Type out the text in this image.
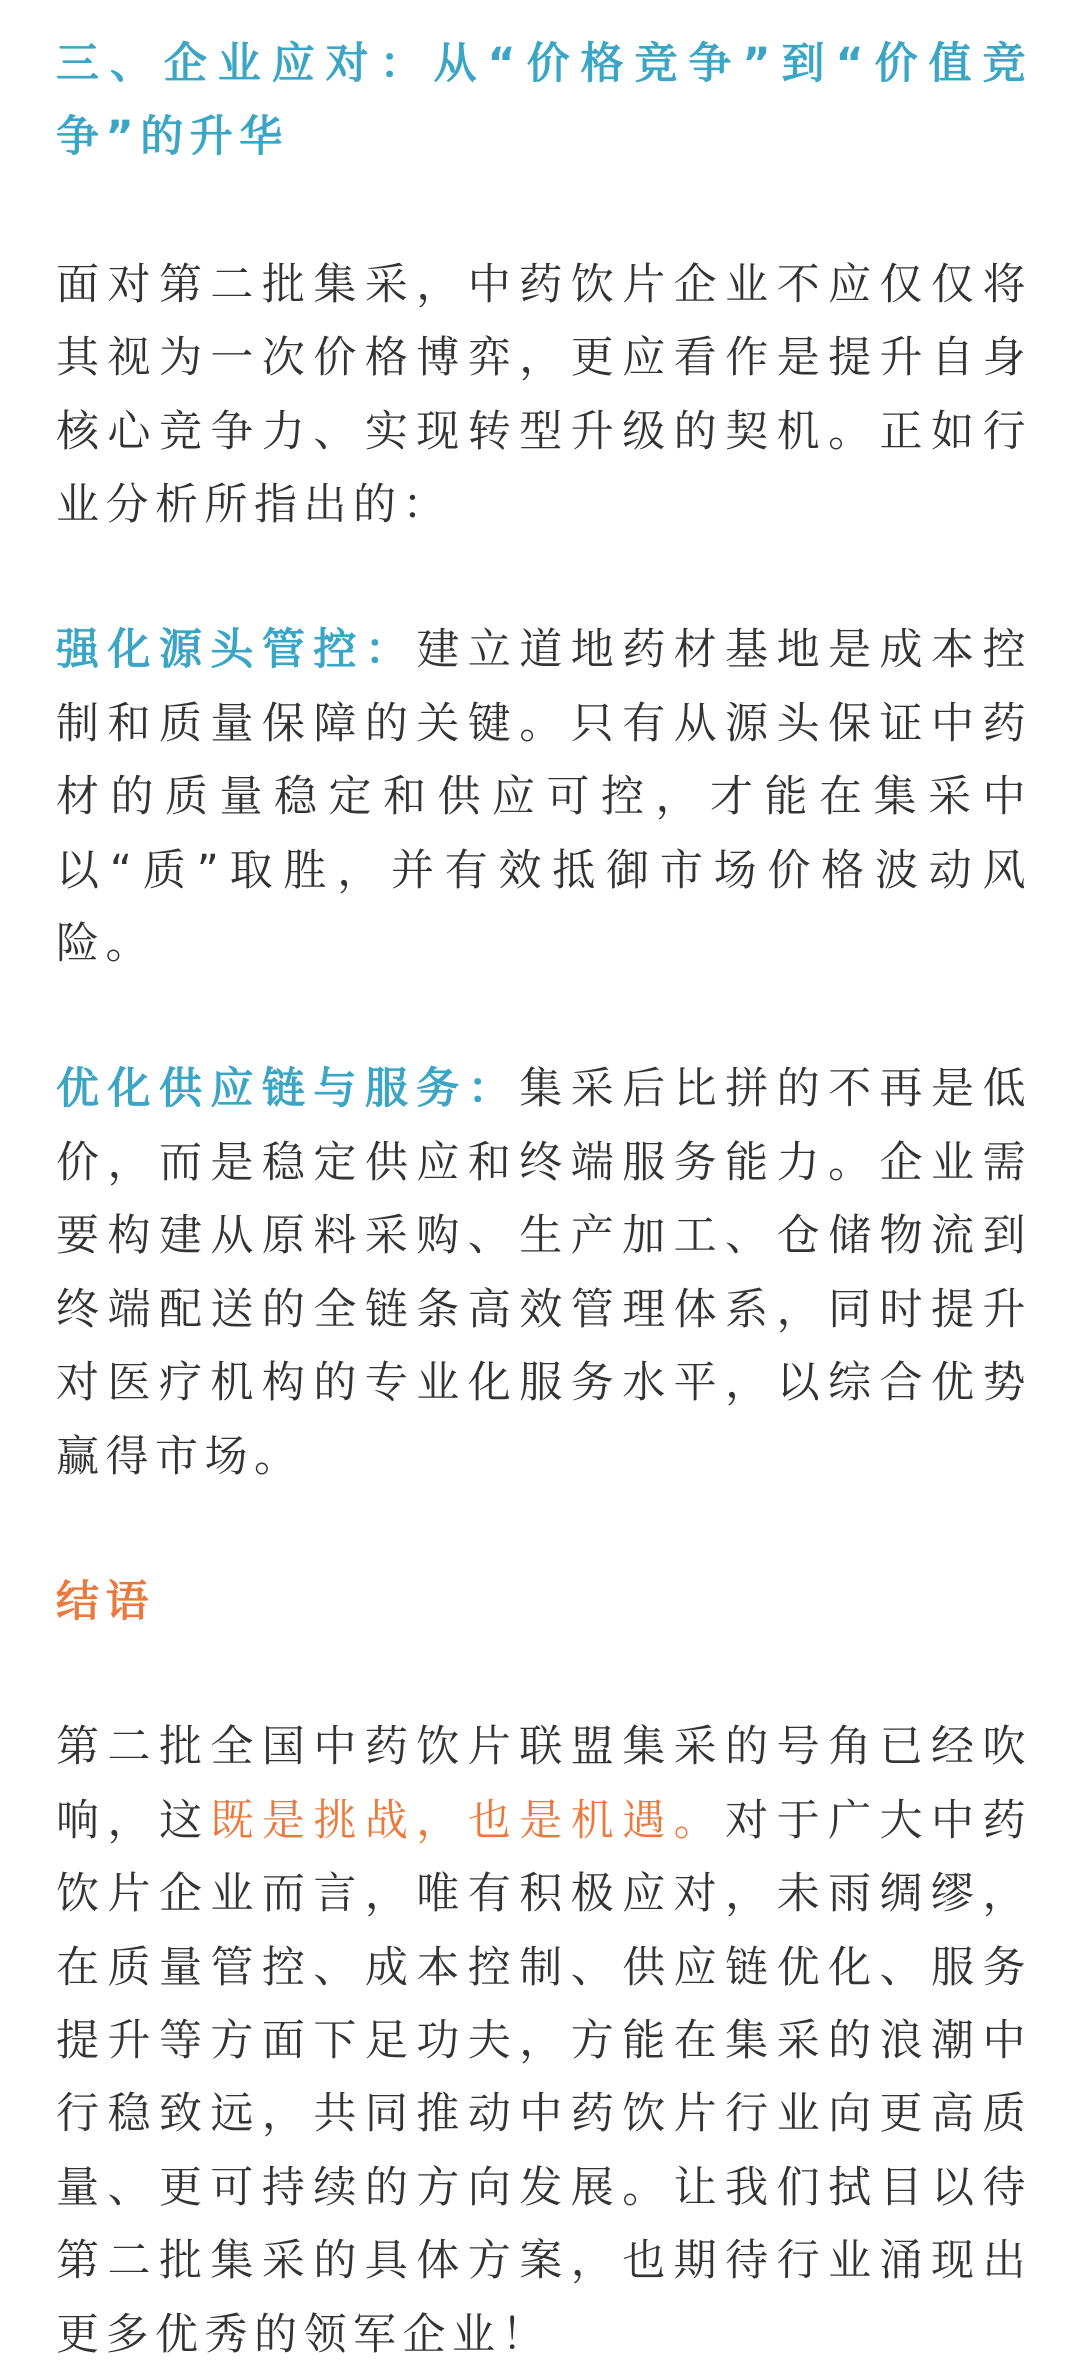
三、企业应对：从“价格竞争”到“价值竞争”的升华

面对第二批集采，中药饮片企业不应仅仅将其视为一次价格博弈，更应看作是提升自身核心竞争力、实现转型升级的契机。正如行业分析所指出的：

强化源头管控：建立道地药材基地是成本控制和质量保障的关键。只有从源头保证中药材的质量稳定和供应可控，才能在集采中以“质”取胜，并有效抵御市场价格波动风险。

优化供应链与服务：集采后比拼的不再是低价，而是稳定供应和终端服务能力。企业需要构建从原料采购、生产加工、仓储物流到终端配送的全链条高效管理体系，同时提升对医疗机构的专业化服务水平，以综合优势赢得市场。

结语

第二批全国中药饮片联盟集采的号角已经吹响，这既是挑战，也是机遇。对于广大中药饮片企业而言，唯有积极应对，未雨绸缪，在质量管控、成本控制、供应链优化、服务提升等方面下足功夫，方能在集采的浪潮中行稳致远，共同推动中药饮片行业向更高质量、更可持续的方向发展。让我们拭目以待第二批集采的具体方案，也期待行业涌现出更多优秀的领军企业！
